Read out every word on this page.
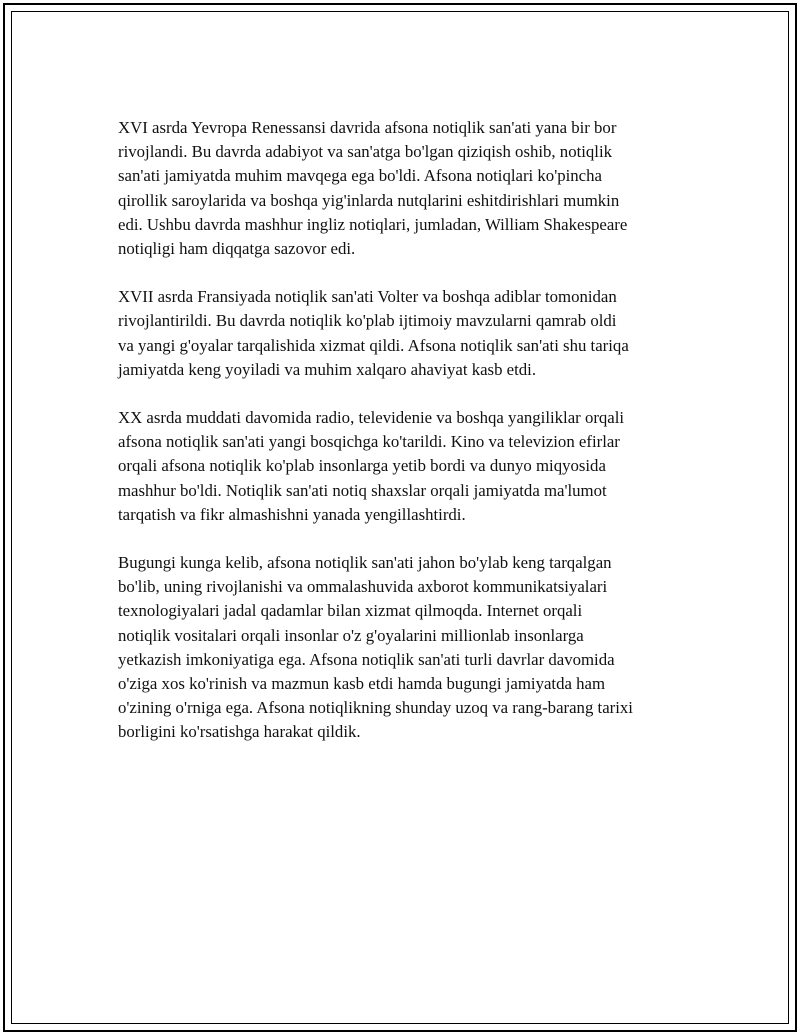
XVI asrda Yevropa Renessansi davrida afsona notiqlik san'ati yana bir bor
rivojlandi. Bu davrda adabiyot va san'atga bo'lgan qiziqish oshib, notiqlik
san'ati jamiyatda muhim mavqega ega bo'ldi. Afsona notiqlari ko'pincha
qirollik saroylarida va boshqa yig'inlarda nutqlarini eshitdirishlari mumkin
edi. Ushbu davrda mashhur ingliz notiqlari, jumladan, William Shakespeare
notiqligi ham diqqatga sazovor edi.

XVII asrda Fransiyada notiqlik san'ati Volter va boshqa adiblar tomonidan
rivojlantirildi. Bu davrda notiqlik ko'plab ijtimoiy mavzularni qamrab oldi
va yangi g'oyalar tarqalishida xizmat qildi. Afsona notiqlik san'ati shu tariqa
jamiyatda keng yoyiladi va muhim xalqaro ahaviyat kasb etdi.

XX asrda muddati davomida radio, televidenie va boshqa yangiliklar orqali
afsona notiqlik san'ati yangi bosqichga ko'tarildi. Kino va televizion efirlar
orqali afsona notiqlik ko'plab insonlarga yetib bordi va dunyo miqyosida
mashhur bo'ldi. Notiqlik san'ati notiq shaxslar orqali jamiyatda ma'lumot
tarqatish va fikr almashishni yanada yengillashtirdi.

Bugungi kunga kelib, afsona notiqlik san'ati jahon bo'ylab keng tarqalgan
bo'lib, uning rivojlanishi va ommalashuvida axborot kommunikatsiyalari
texnologiyalari jadal qadamlar bilan xizmat qilmoqda. Internet orqali
notiqlik vositalari orqali insonlar o'z g'oyalarini millionlab insonlarga
yetkazish imkoniyatiga ega. Afsona notiqlik san'ati turli davrlar davomida
o'ziga xos ko'rinish va mazmun kasb etdi hamda bugungi jamiyatda ham
o'zining o'rniga ega. Afsona notiqlikning shunday uzoq va rang-barang tarixi
borligini ko'rsatishga harakat qildik.
